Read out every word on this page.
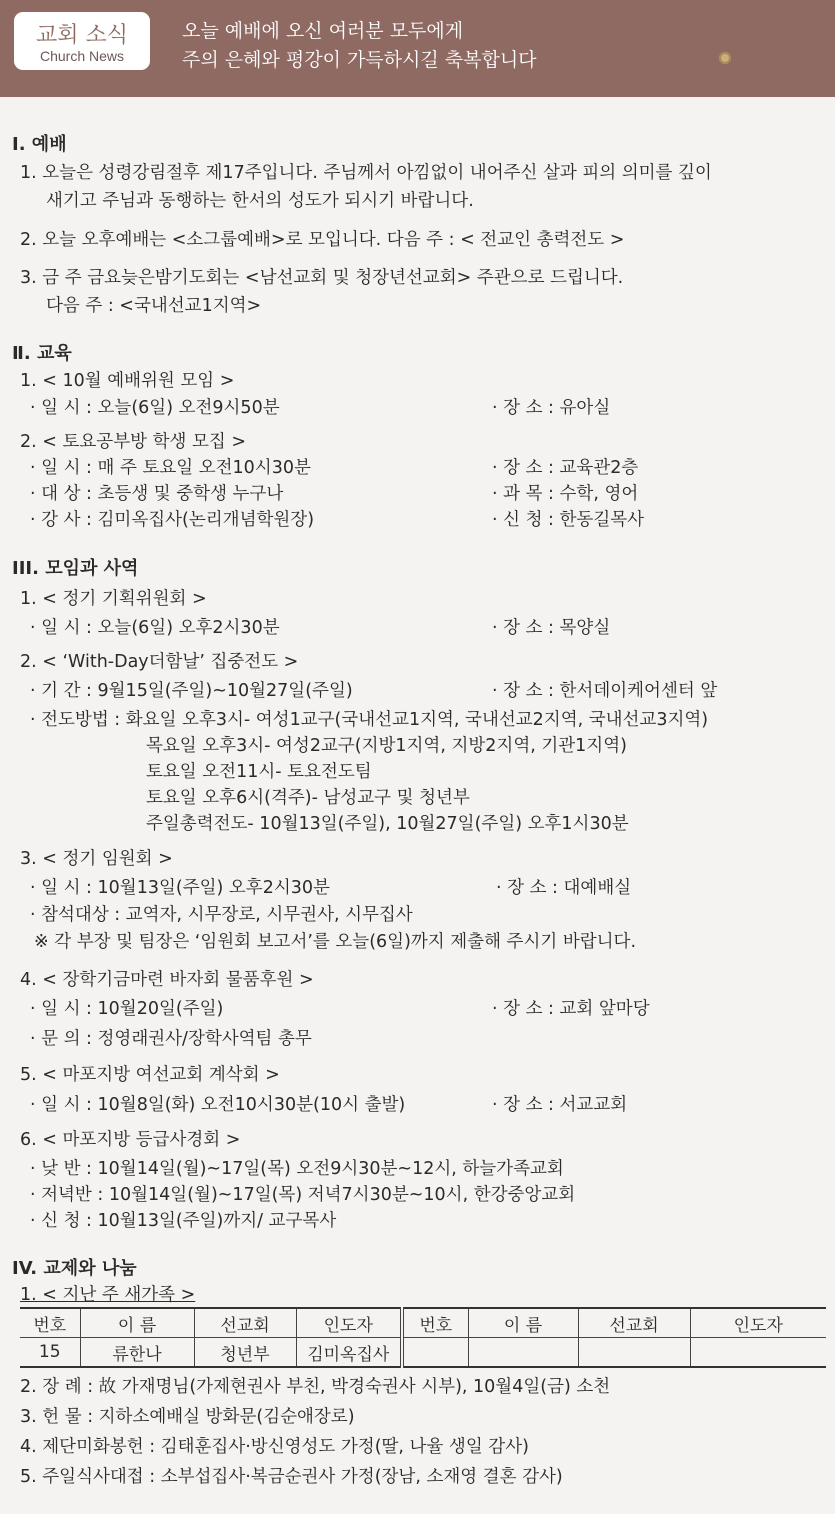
교회 소식
Church News
오늘 예배에 오신 여러분 모두에게
주의 은혜와 평강이 가득하시길 축복합니다
Ⅰ. 예배
1. 오늘은 성령강림절후 제17주입니다. 주님께서 아낌없이 내어주신 살과 피의 의미를 깊이
새기고 주님과 동행하는 한서의 성도가 되시기 바랍니다.
2. 오늘 오후예배는 <소그룹예배>로 모입니다. 다음 주 : < 전교인 총력전도 >
3. 금 주 금요늦은밤기도회는 <남선교회 및 청장년선교회> 주관으로 드립니다.
다음 주 : <국내선교1지역>
Ⅱ. 교육
1. < 10월 예배위원 모임 >
· 일 시 : 오늘(6일) 오전9시50분	· 장 소 : 유아실
2. < 토요공부방 학생 모집 >
· 일 시 : 매 주 토요일 오전10시30분	· 장 소 : 교육관2층
· 대 상 : 초등생 및 중학생 누구나	· 과 목 : 수학, 영어
· 강 사 : 김미옥집사(논리개념학원장)	· 신 청 : 한동길목사
III. 모임과 사역
1. < 정기 기획위원회 >
· 일 시 : 오늘(6일) 오후2시30분	· 장 소 : 목양실
2. < ‘With-Day더함날’ 집중전도 >
· 기 간 : 9월15일(주일)~10월27일(주일)	· 장 소 : 한서데이케어센터 앞
· 전도방법 : 화요일 오후3시- 여성1교구(국내선교1지역, 국내선교2지역, 국내선교3지역)
목요일 오후3시- 여성2교구(지방1지역, 지방2지역, 기관1지역)
토요일 오전11시- 토요전도팀
토요일 오후6시(격주)- 남성교구 및 청년부
주일총력전도- 10월13일(주일), 10월27일(주일) 오후1시30분
3. < 정기 임원회 >
· 일 시 : 10월13일(주일) 오후2시30분	· 장 소 : 대예배실
· 참석대상 : 교역자, 시무장로, 시무권사, 시무집사
※ 각 부장 및 팀장은 ‘임원회 보고서’를 오늘(6일)까지 제출해 주시기 바랍니다.
4. < 장학기금마련 바자회 물품후원 >
· 일 시 : 10월20일(주일)	· 장 소 : 교회 앞마당
· 문 의 : 정영래권사/장학사역팀 총무
5. < 마포지방 여선교회 계삭회 >
· 일 시 : 10월8일(화) 오전10시30분(10시 출발)	· 장 소 : 서교교회
6. < 마포지방 등급사경회 >
· 낮 반 : 10월14일(월)~17일(목) 오전9시30분~12시, 하늘가족교회
· 저녁반 : 10월14일(월)~17일(목) 저녁7시30분~10시, 한강중앙교회
· 신 청 : 10월13일(주일)까지/ 교구목사
IV. 교제와 나눔
1. < 지난 주 새가족 >
번호	이 름	선교회	인도자	번호	이 름	선교회	인도자
15	류한나	청년부	김미옥집사				
2. 장 례 : 故 가재명님(가제현권사 부친, 박경숙권사 시부), 10월4일(금) 소천
3. 헌 물 : 지하소예배실 방화문(김순애장로)
4. 제단미화봉헌 : 김태훈집사·방신영성도 가정(딸, 나율 생일 감사)
5. 주일식사대접 : 소부섭집사·복금순권사 가정(장남, 소재영 결혼 감사)
